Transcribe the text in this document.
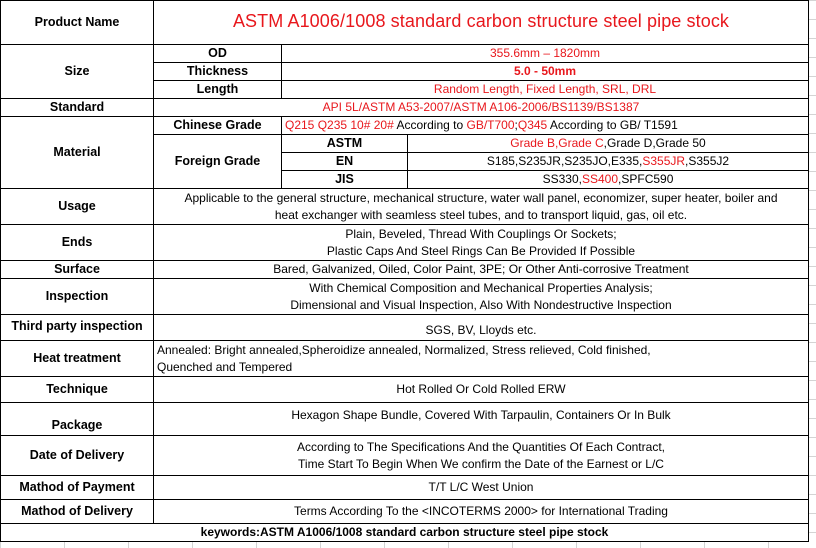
Product Name	ASTM A1006/1008 standard carbon structure steel pipe stock		
Size	OD	355.6mm – 1820mm	
	Thickness	5.0 - 50mm	
	Length	Random Length, Fixed Length, SRL, DRL	
Standard	API 5L/ASTM A53-2007/ASTM A106-2006/BS1139/BS1387		
Material	Chinese Grade	Q215 Q235 10# 20# According to GB/T700;Q345 According to GB/ T1591	
	Foreign Grade	ASTM	Grade B,Grade C,Grade D,Grade 50
		EN	S185,S235JR,S235JO,E335,S355JR,S355J2
		JIS	SS330,SS400,SPFC590
Usage	Applicable to the general structure, mechanical structure, water wall panel, economizer, super heater, boiler and
heat exchanger with seamless steel tubes, and to transport liquid, gas, oil etc.		

Ends	Plain, Beveled, Thread With Couplings Or Sockets;
Plastic Caps And Steel Rings Can Be Provided If Possible		

Surface	Bared, Galvanized, Oiled, Color Paint, 3PE; Or Other Anti-corrosive Treatment		
Inspection	With Chemical Composition and Mechanical Properties Analysis;
Dimensional and Visual Inspection, Also With Nondestructive Inspection		

Third party inspection	SGS, BV, Lloyds etc.		
Heat treatment	Annealed: Bright annealed,Spheroidize annealed, Normalized, Stress relieved, Cold finished,
Quenched and Tempered		

Technique	Hot Rolled Or Cold Rolled ERW		
Package	Hexagon Shape Bundle, Covered With Tarpaulin, Containers Or In Bulk		
Date of Delivery	According to The Specifications And the Quantities Of Each Contract,
Time Start To Begin When We confirm the Date of the Earnest or L/C		

Mathod of Payment	T/T L/C West Union		
Mathod of Delivery	Terms According To the <INCOTERMS 2000> for International Trading		
keywords:ASTM A1006/1008 standard carbon structure steel pipe stock			
